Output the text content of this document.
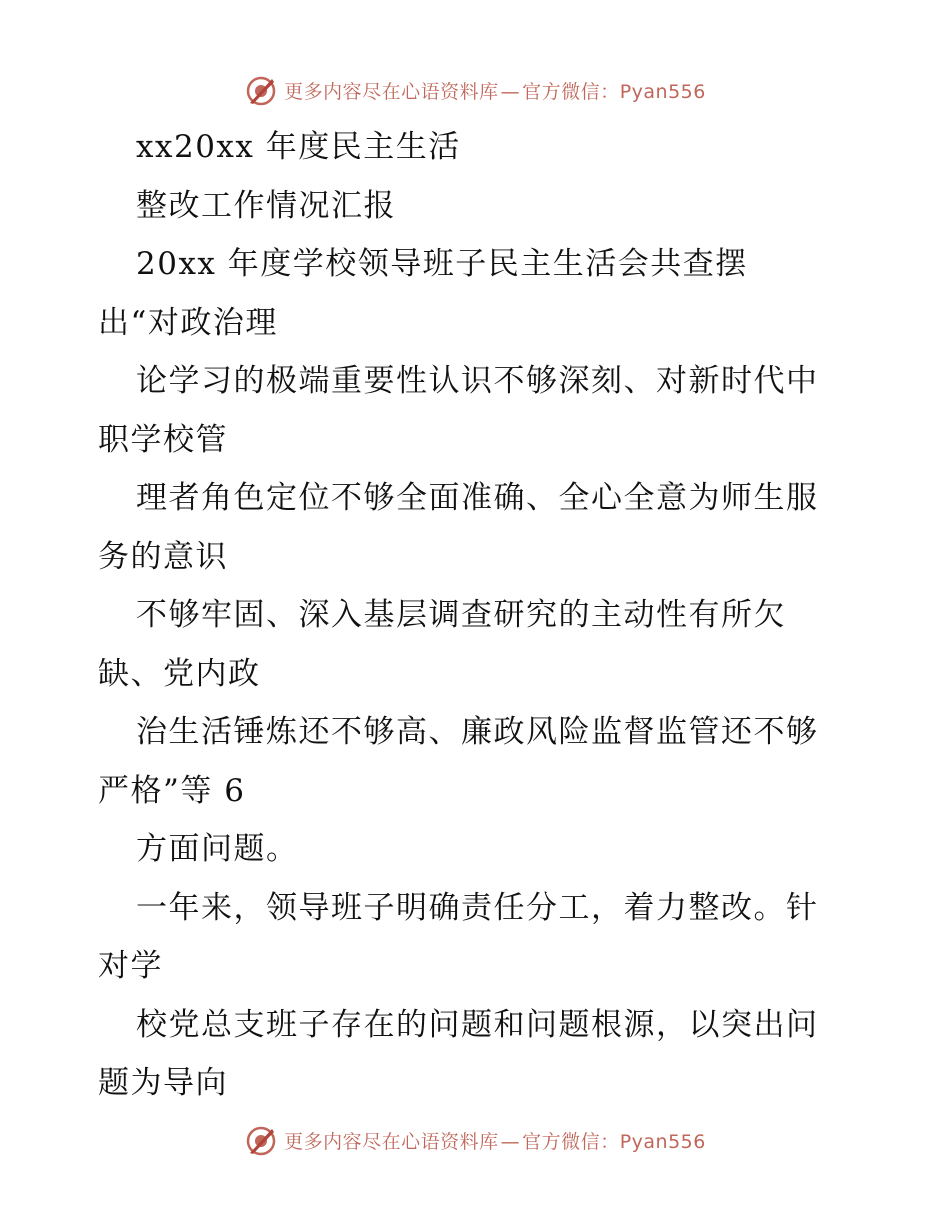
更多内容尽在心语资料库 — 官方微信：Pyan556
xx20xx 年度民主生活
整改工作情况汇报
20xx 年度学校领导班子民主生活会共查摆
出“对政治理
论学习的极端重要性认识不够深刻、对新时代中
职学校管
理者角色定位不够全面准确、全心全意为师生服
务的意识
不够牢固、深入基层调查研究的主动性有所欠
缺、党内政
治生活锤炼还不够高、廉政风险监督监管还不够
严格”等 6
方面问题。
一年来，领导班子明确责任分工，着力整改。针
对学
校党总支班子存在的问题和问题根源，以突出问
题为导向
更多内容尽在心语资料库 — 官方微信：Pyan556
